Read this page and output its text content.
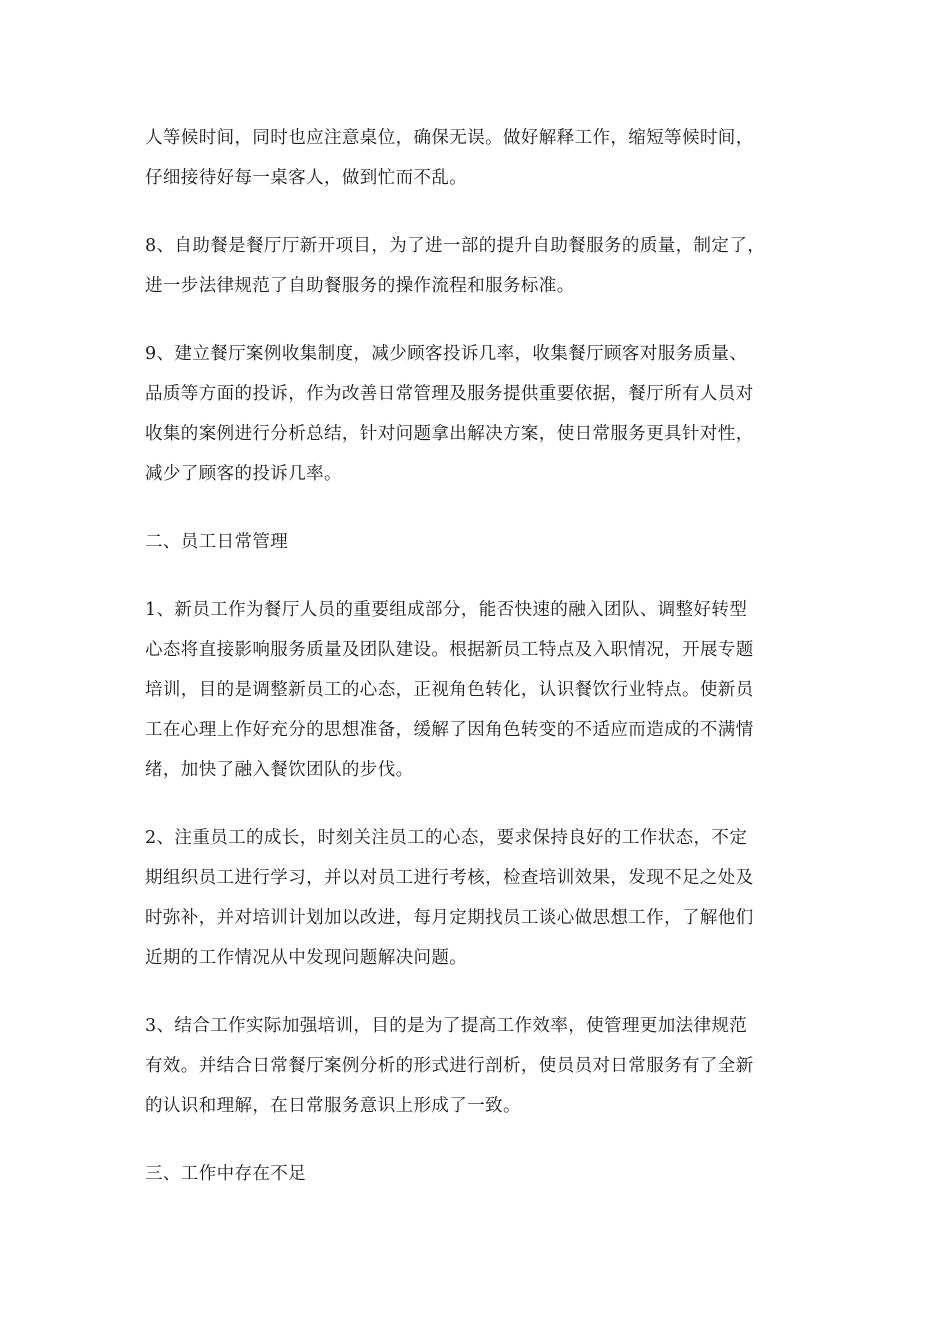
人等候时间，同时也应注意桌位，确保无误。做好解释工作，缩短等候时间，
仔细接待好每一桌客人，做到忙而不乱。
8、自助餐是餐厅厅新开项目，为了进一部的提升自助餐服务的质量，制定了，
进一步法律规范了自助餐服务的操作流程和服务标准。
9、建立餐厅案例收集制度，减少顾客投诉几率，收集餐厅顾客对服务质量、
品质等方面的投诉，作为改善日常管理及服务提供重要依据，餐厅所有人员对
收集的案例进行分析总结，针对问题拿出解决方案，使日常服务更具针对性，
减少了顾客的投诉几率。
二、员工日常管理
1、新员工作为餐厅人员的重要组成部分，能否快速的融入团队、调整好转型
心态将直接影响服务质量及团队建设。根据新员工特点及入职情况，开展专题
培训，目的是调整新员工的心态，正视角色转化，认识餐饮行业特点。使新员
工在心理上作好充分的思想准备，缓解了因角色转变的不适应而造成的不满情
绪，加快了融入餐饮团队的步伐。
2、注重员工的成长，时刻关注员工的心态，要求保持良好的工作状态，不定
期组织员工进行学习，并以对员工进行考核，检查培训效果，发现不足之处及
时弥补，并对培训计划加以改进，每月定期找员工谈心做思想工作，了解他们
近期的工作情况从中发现问题解决问题。
3、结合工作实际加强培训，目的是为了提高工作效率，使管理更加法律规范
有效。并结合日常餐厅案例分析的形式进行剖析，使员员对日常服务有了全新
的认识和理解，在日常服务意识上形成了一致。
三、工作中存在不足
